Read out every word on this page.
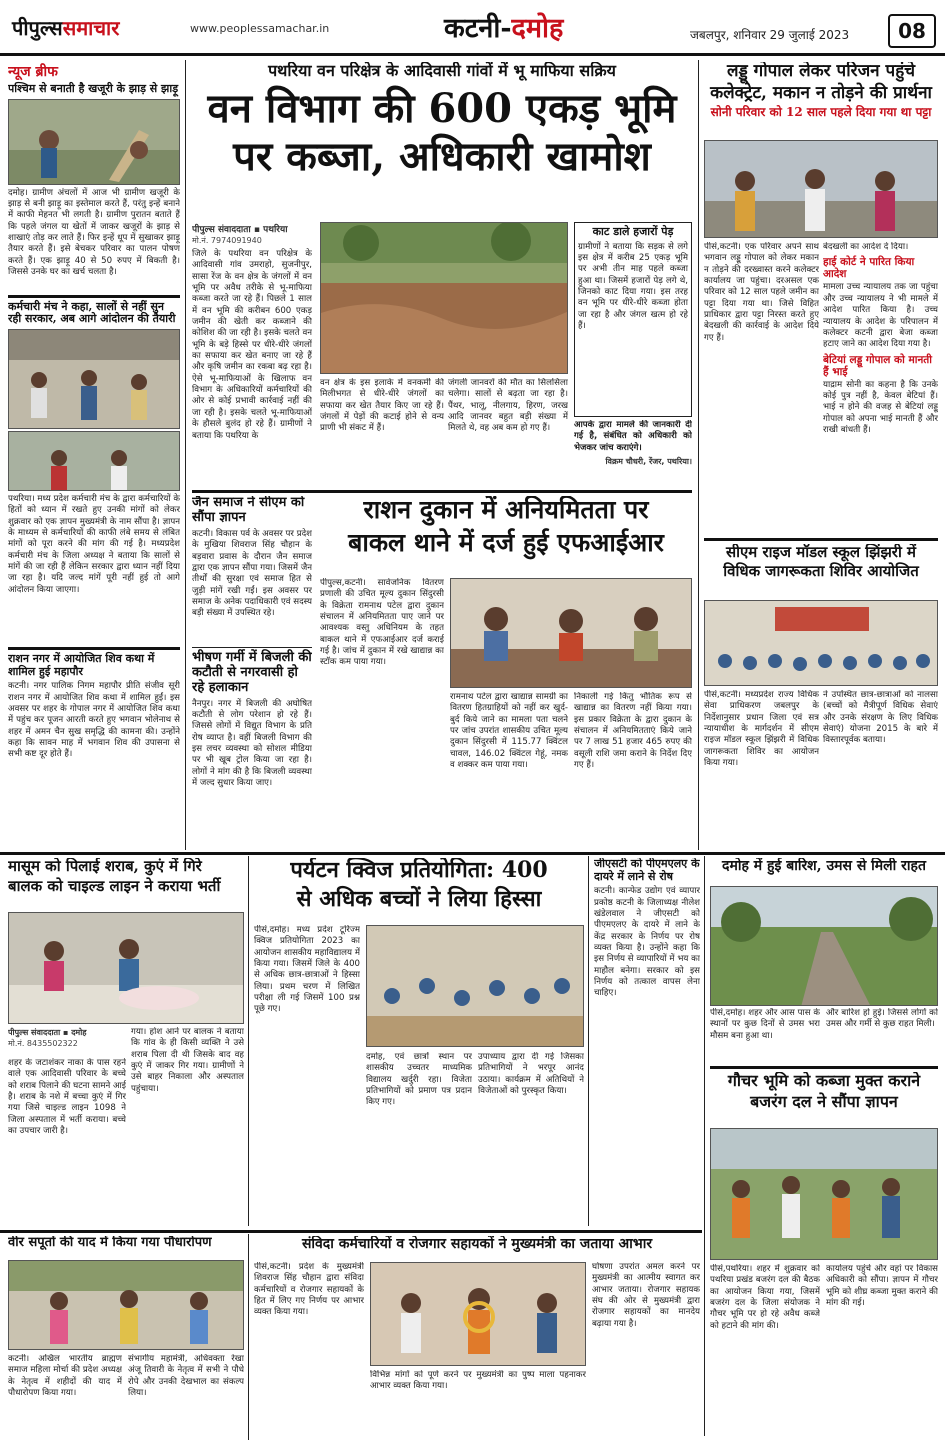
पीपुल्ससमाचार	www.peoplessamachar.in	कटनी-दमोह	जबलपुर, शनिवार 29 जुलाई 2023	08
न्यूज ब्रीफ
पश्चिम से बनाती है खजूरी के झाड़ से झाड़ू
दमोह। ग्रामीण अंचलों में आज भी ग्रामीण खजूरी के झाड़ से बनी झाड़ू का इस्तेमाल करते हैं, परंतु इन्हें बनाने में काफी मेहनत भी लगती है। ग्रामीण पुरातन बताते हैं कि पहले जंगल या खेतों में जाकर खजूरों के झाड़ से शाखाएं तोड़ कर लाते हैं। फिर इन्हें धूप में सुखाकर झाड़ू तैयार करते हैं। इसे बेचकर परिवार का पालन पोषण करते हैं। एक झाड़ू 40 से 50 रुपए में बिकती है। जिससे उनके घर का खर्च चलता है।
कर्मचारी मंच ने कहा, सालों से नहीं सुन रही सरकार, अब आगे आंदोलन की तैयारी
पथरिया। मध्य प्रदेश कर्मचारी मंच के द्वारा कर्मचारियों के हितों को ध्यान में रखते हुए उनकी मांगों को लेकर शुक्रवार को एक ज्ञापन मुख्यमंत्री के नाम सौंपा है। ज्ञापन के माध्यम से कर्मचारियों की काफी लंबे समय से लंबित मांगों को पूरा करने की मांग की गई है। मध्यप्रदेश कर्मचारी मंच के जिला अध्यक्ष ने बताया कि सालों से मांगें की जा रही हैं लेकिन सरकार द्वारा ध्यान नहीं दिया जा रहा है। यदि जल्द मांगें पूरी नहीं हुई तो आगे आंदोलन किया जाएगा।
राशन नगर में आयोजित शिव कथा में शामिल हुई महापौर
कटनी। नगर पालिक निगम महापौर प्रीति संजीव सूरी राशन नगर में आयोजित शिव कथा में शामिल हुईं। इस अवसर पर शहर के गोपाल नगर में आयोजित शिव कथा में पहुंच कर पूजन आरती करते हुए भगवान भोलेनाथ से शहर में अमन चैन सुख समृद्धि की कामना की। उन्होंने कहा कि सावन माह में भगवान शिव की उपासना से सभी कष्ट दूर होते हैं।
पथरिया वन परिक्षेत्र के आदिवासी गांवों में भू माफिया सक्रिय
वन विभाग की 600 एकड़ भूमि
पर कब्जा, अधिकारी खामोश
पीपुल्स संवाददाता ▪ पथरिया
मो.नं. 7974091940
जिले के पथरिया वन परिक्षेत्र के आदिवासी गांव उमराहो, सुजनीपुर, सासा रेंज के वन क्षेत्र के जंगलों में वन भूमि पर अवैध तरीके से भू-माफिया कब्जा करते जा रहे हैं। पिछले 1 साल में वन भूमि की करीबन 600 एकड़ जमीन की खेती कर कब्जाने की कोशिश की जा रही है। इसके चलते वन भूमि के बड़े हिस्से पर धीरे-धीरे जंगलों का सफाया कर खेत बनाए जा रहे हैं और कृषि जमीन का रकबा बढ़ रहा है। ऐसे भू-माफियाओं के खिलाफ वन विभाग के अधिकारियों कर्मचारियों की ओर से कोई प्रभावी कार्रवाई नहीं की जा रही है। इसके चलते भू-माफियाओं के हौसले बुलंद हो रहे हैं। ग्रामीणों ने बताया कि पथरिया के
वन क्षेत्र के इस इलाके में वनकर्मी की मिलीभगत से धीरे-धीरे जंगलों का सफाया कर खेत तैयार किए जा रहे हैं। जंगलों में पेड़ों की कटाई होने से वन्य प्राणी भी संकट में हैं।
जंगली जानवरों की मौत का सिलसिला चलेगा। सालों से बढ़ता जा रहा है। पैंथर, भालू, नीलगाय, हिरण, जरख आदि जानवर बहुत बड़ी संख्या में मिलते थे, वह अब कम हो गए हैं।
काट डाले हजारों पेड़
ग्रामीणों ने बताया कि सड़क से लगे इस क्षेत्र में करीब 25 एकड़ भूमि पर अभी तीन माह पहले कब्जा हुआ था। जिसमें हजारों पेड़ लगे थे, जिनको काट दिया गया। इस तरह वन भूमि पर धीरे-धीरे कब्जा होता जा रहा है और जंगल खत्म हो रहे हैं।
आपके द्वारा मामले की जानकारी दी गई है, संबंधित को अधिकारी को भेजकर जांच कराएंगे।
विक्रम चौधरी, रेंजर, पथरिया।
जैन समाज ने सीएम को सौंपा ज्ञापन
कटनी। विकास पर्व के अवसर पर प्रदेश के मुखिया शिवराज सिंह चौहान के बड़वारा प्रवास के दौरान जैन समाज द्वारा एक ज्ञापन सौंपा गया। जिसमें जैन तीर्थों की सुरक्षा एवं समाज हित से जुड़ी मांगें रखी गईं। इस अवसर पर समाज के अनेक पदाधिकारी एवं सदस्य बड़ी संख्या में उपस्थित रहे।
भीषण गर्मी में बिजली की कटौती से नगरवासी हो रहे हलाकान
नैनपुर। नगर में बिजली की अघोषित कटौती से लोग परेशान हो रहे हैं। जिससे लोगों में विद्युत विभाग के प्रति रोष व्याप्त है। वहीं बिजली विभाग की इस लचर व्यवस्था को सोशल मीडिया पर भी खूब ट्रोल किया जा रहा है। लोगों ने मांग की है कि बिजली व्यवस्था में जल्द सुधार किया जाए।
राशन दुकान में अनियमितता पर
बाकल थाने में दर्ज हुई एफआईआर
पीपुल्स,कटनी। सार्वजनिक वितरण प्रणाली की उचित मूल्य दुकान सिंदुरसी के विक्रेता रामनाथ पटेल द्वारा दुकान संचालन में अनियमितता पाए जाने पर आवश्यक वस्तु अधिनियम के तहत बाकल थाने में एफआईआर दर्ज कराई गई है। जांच में दुकान में रखे खाद्यान्न का स्टॉक कम पाया गया।
रामनाथ पटेल द्वारा खाद्यान्न सामग्री का वितरण हितग्राहियों को नहीं कर खुर्द-बुर्द किये जाने का मामला पता चलने पर जांच उपरांत शासकीय उचित मूल्य दुकान सिंदुरसी में 115.77 क्विंटल चावल, 146.02 क्विंटल गेहूं, नमक व शक्कर कम पाया गया।
निकाली गई किंतु भौतिक रूप से खाद्यान्न का वितरण नहीं किया गया। इस प्रकार विक्रेता के द्वारा दुकान के संचालन में अनियमितताएं किये जाने पर 7 लाख 51 हजार 465 रुपए की वसूली राशि जमा कराने के निर्देश दिए गए हैं।
लड्डू गोपाल लेकर परिजन पहुंचे
कलेक्ट्रेट, मकान न तोड़ने की प्रार्थना
सोनी परिवार को 12 साल पहले दिया गया था पट्टा
पीसं,कटनी। एक परिवार अपने साथ भगवान लड्डू गोपाल को लेकर मकान न तोड़ने की दरख्वास्त करने कलेक्टर कार्यालय जा पहुंचा। दरअसल एक परिवार को 12 साल पहले जमीन का पट्टा दिया गया था। जिसे विहित प्राधिकार द्वारा पट्टा निरस्त करते हुए बेदखली की कार्रवाई के आदेश दिये गए हैं।
बेदखली का आदेश दे दिया।
हाई कोर्ट ने पारित किया आदेश
मामला उच्च न्यायालय तक जा पहुंचा और उच्च न्यायालय ने भी मामले में आदेश पारित किया है। उच्च न्यायालय के आदेश के परिपालन में कलेक्टर कटनी द्वारा बेजा कब्जा हटाए जाने का आदेश दिया गया है।
बेटियां लड्डू गोपाल को मानती हैं भाई
याद्राम सोनी का कहना है कि उनके कोई पुत्र नहीं है, केवल बेटियां हैं। भाई न होने की वजह से बेटियां लड्डू गोपाल को अपना भाई मानती हैं और राखी बांधती हैं।
सीएम राइज मॉडल स्कूल झिंझरी में
विधिक जागरूकता शिविर आयोजित
पीसं,कटनी। मध्यप्रदेश राज्य विधिक सेवा प्राधिकरण जबलपुर के निर्देशानुसार प्रधान जिला एवं सत्र न्यायाधीश के मार्गदर्शन में सीएम राइज मॉडल स्कूल झिंझरी में विधिक जागरूकता शिविर का आयोजन किया गया।
ने उपस्थित छात्र-छात्राओं को नालसा (बच्चों को मैत्रीपूर्ण विधिक सेवाएं और उनके संरक्षण के लिए विधिक सेवाएं) योजना 2015 के बारे में विस्तारपूर्वक बताया।
मासूम को पिलाई शराब, कुएं में गिरे
बालक को चाइल्ड लाइन ने कराया भर्ती
पीपुल्स संवाददाता ▪ दमोह
मो.नं. 8435502322
शहर के जटाशंकर नाका के पास रहने वाले एक आदिवासी परिवार के बच्चे को शराब पिलाने की घटना सामने आई है। शराब के नशे में बच्चा कुएं में गिर गया जिसे चाइल्ड लाइन 1098 ने जिला अस्पताल में भर्ती कराया। बच्चे का उपचार जारी है।
गया। होश आने पर बालक ने बताया कि गांव के ही किसी व्यक्ति ने उसे शराब पिला दी थी जिसके बाद वह कुएं में जाकर गिर गया। ग्रामीणों ने उसे बाहर निकाला और अस्पताल पहुंचाया।
पर्यटन क्विज प्रतियोगिता: 400
से अधिक बच्चों ने लिया हिस्सा
पीसं,दमोह। मध्य प्रदेश टूरिज्म क्विज प्रतियोगिता 2023 का आयोजन शासकीय महाविद्यालय में किया गया। जिसमें जिले के 400 से अधिक छात्र-छात्राओं ने हिस्सा लिया। प्रथम चरण में लिखित परीक्षा ली गई जिसमें 100 प्रश्न पूछे गए।
दमोह, एवं छात्रों स्थान पर शासकीय उच्चतर माध्यमिक विद्यालय खर्दुरी रहा। विजेता प्रतिभागियों को प्रमाण पत्र प्रदान किए गए।
उपाध्याय द्वारा दी गई जिसका प्रतिभागियों ने भरपूर आनंद उठाया। कार्यक्रम में अतिथियों ने विजेताओं को पुरस्कृत किया।
जीएसटी को पीएमएलए के दायरे में लाने से रोष
कटनी। कान्फेड उद्योग एवं व्यापार प्रकोष्ठ कटनी के जिलाध्यक्ष नीलेश खंडेलवाल ने जीएसटी को पीएमएलए के दायरे में लाने के केंद्र सरकार के निर्णय पर रोष व्यक्त किया है। उन्होंने कहा कि इस निर्णय से व्यापारियों में भय का माहौल बनेगा। सरकार को इस निर्णय को तत्काल वापस लेना चाहिए।
दमोह में हुई बारिश, उमस से मिली राहत
पीसं,दमोह। शहर और आस पास के स्थानों पर कुछ दिनों से उमस भरा मौसम बना हुआ था।
और बारिश हो हुई। जिससे लोगों को उमस और गर्मी से कुछ राहत मिली।
गौचर भूमि को कब्जा मुक्त कराने
बजरंग दल ने सौंपा ज्ञापन
पीसं,पथरिया। शहर में शुक्रवार को पथरिया प्रखंड बजरंग दल की बैठक का आयोजन किया गया, जिसमें बजरंग दल के जिला संयोजक ने गौचर भूमि पर हो रहे अवैध कब्जे को हटाने की मांग की।
कार्यालय पहुंचे और वहां पर विकास अधिकारी को सौंपा। ज्ञापन में गौचर भूमि को शीघ्र कब्जा मुक्त कराने की मांग की गई।
वीर सपूतों की याद में किया गया पौधारोपण
कटनी। अखिल भारतीय ब्राह्मण समाज महिला मोर्चा की प्रदेश अध्यक्ष के नेतृत्व में शहीदों की याद में पौधारोपण किया गया।
संभागीय महामंत्री, अधिवक्ता रेखा अंजू तिवारी के नेतृत्व में सभी ने पौधे रोपे और उनकी देखभाल का संकल्प लिया।
संविदा कर्मचारियों व रोजगार सहायकों ने मुख्यमंत्री का जताया आभार
पीसं,कटनी। प्रदेश के मुख्यमंत्री शिवराज सिंह चौहान द्वारा संविदा कर्मचारियों व रोजगार सहायकों के हित में लिए गए निर्णय पर आभार व्यक्त किया गया।
विभिन्न मांगों को पूर्ण करने पर मुख्यमंत्री का पुष्प माला पहनाकर आभार व्यक्त किया गया।
घोषणा उपरांत अमल करने पर मुख्यमंत्री का आत्मीय स्वागत कर आभार जताया। रोजगार सहायक संघ की ओर से मुख्यमंत्री द्वारा रोजगार सहायकों का मानदेय बढ़ाया गया है।
